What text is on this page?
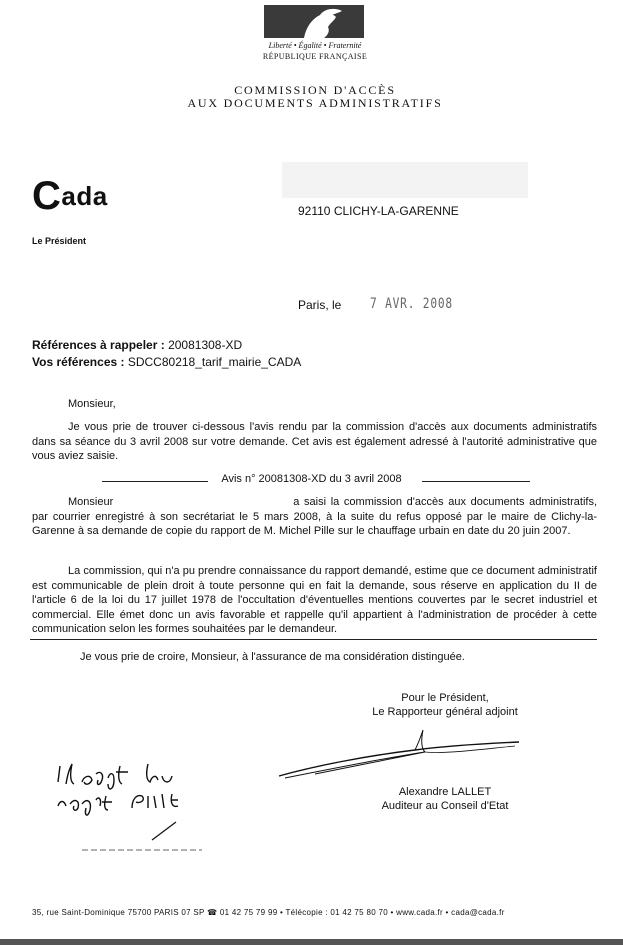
Liberté • Égalité • Fraternité
RÉPUBLIQUE FRANÇAISE
COMMISSION D'ACCÈS
AUX DOCUMENTS ADMINISTRATIFS
Cada	92110 CLICHY-LA-GARENNE
Le Président
Paris, le 7 AVR. 2008
Références à rappeler : 20081308-XD
Vos références : SDCC80218_tarif_mairie_CADA
Monsieur,
Je vous prie de trouver ci-dessous l'avis rendu par la commission d'accès aux documents administratifs dans sa séance du 3 avril 2008 sur votre demande. Cet avis est également adressé à l'autorité administrative que vous aviez saisie.
Avis n° 20081308-XD du 3 avril 2008
Monsieur	a saisi la commission d'accès aux documents administratifs, par courrier enregistré à son secrétariat le 5 mars 2008, à la suite du refus opposé par le maire de Clichy-la-Garenne à sa demande de copie du rapport de M. Michel Pille sur le chauffage urbain en date du 20 juin 2007.
La commission, qui n'a pu prendre connaissance du rapport demandé, estime que ce document administratif est communicable de plein droit à toute personne qui en fait la demande, sous réserve en application du II de l'article 6 de la loi du 17 juillet 1978 de l'occultation d'éventuelles mentions couvertes par le secret industriel et commercial. Elle émet donc un avis favorable et rappelle qu'il appartient à l'administration de procéder à cette communication selon les formes souhaitées par le demandeur.
Je vous prie de croire, Monsieur, à l'assurance de ma considération distinguée.
Pour le Président,
Le Rapporteur général adjoint
Alexandre LALLET
Auditeur au Conseil d'Etat
35, rue Saint-Dominique 75700 PARIS 07 SP ☎ 01 42 75 79 99 • Télécopie : 01 42 75 80 70 • www.cada.fr • cada@cada.fr
